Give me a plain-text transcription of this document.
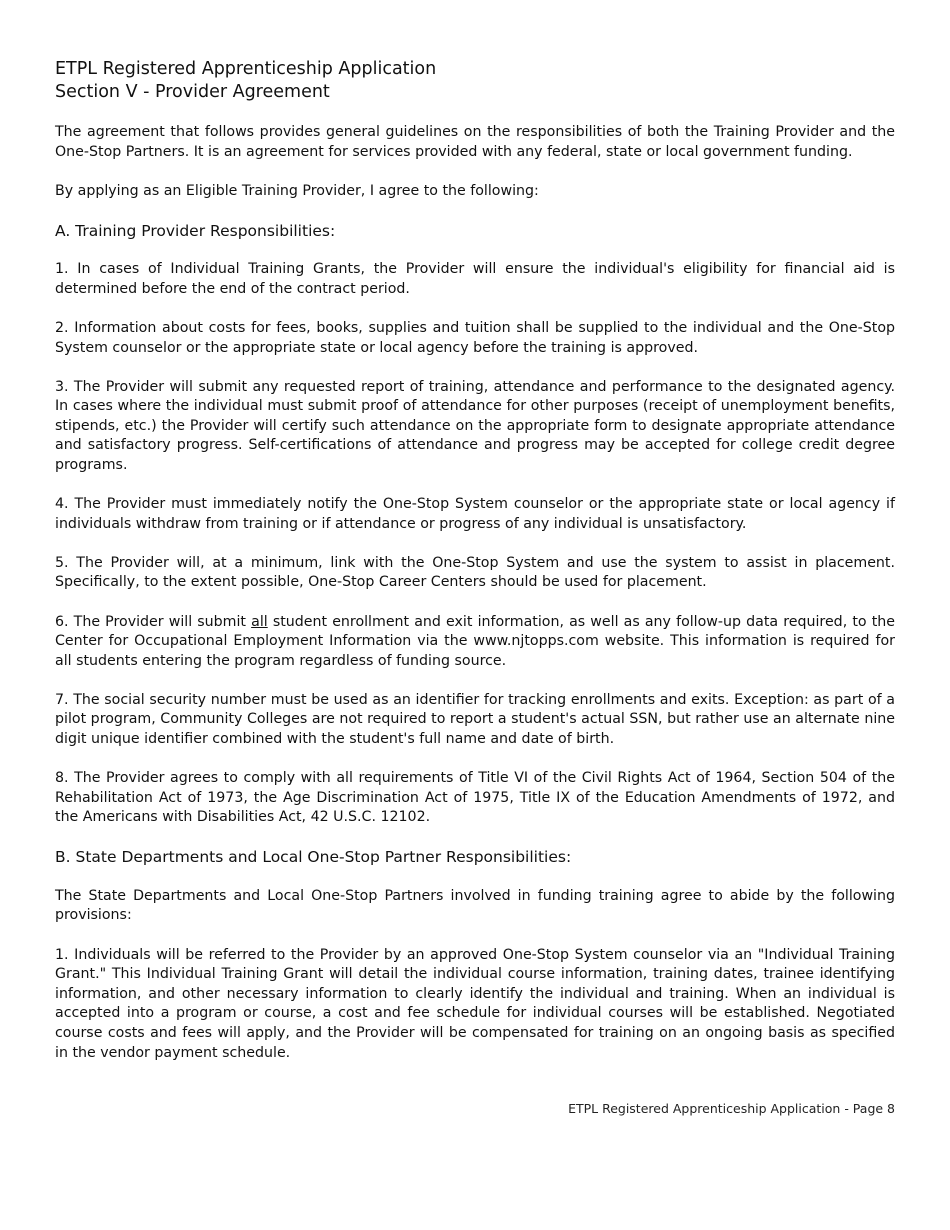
ETPL Registered Apprenticeship Application
Section V - Provider Agreement

The agreement that follows provides general guidelines on the responsibilities of both the Training Provider and the One-Stop Partners. It is an agreement for services provided with any federal, state or local government funding.

By applying as an Eligible Training Provider, I agree to the following:

A. Training Provider Responsibilities:

1. In cases of Individual Training Grants, the Provider will ensure the individual's eligibility for financial aid is determined before the end of the contract period.

2. Information about costs for fees, books, supplies and tuition shall be supplied to the individual and the One-Stop System counselor or the appropriate state or local agency before the training is approved.

3. The Provider will submit any requested report of training, attendance and performance to the designated agency. In cases where the individual must submit proof of attendance for other purposes (receipt of unemployment benefits, stipends, etc.) the Provider will certify such attendance on the appropriate form to designate appropriate attendance and satisfactory progress. Self-certifications of attendance and progress may be accepted for college credit degree programs.

4. The Provider must immediately notify the One-Stop System counselor or the appropriate state or local agency if individuals withdraw from training or if attendance or progress of any individual is unsatisfactory.

5. The Provider will, at a minimum, link with the One-Stop System and use the system to assist in placement. Specifically, to the extent possible, One-Stop Career Centers should be used for placement.

6. The Provider will submit all student enrollment and exit information, as well as any follow-up data required, to the Center for Occupational Employment Information via the www.njtopps.com website. This information is required for all students entering the program regardless of funding source.

7. The social security number must be used as an identifier for tracking enrollments and exits. Exception: as part of a pilot program, Community Colleges are not required to report a student's actual SSN, but rather use an alternate nine digit unique identifier combined with the student's full name and date of birth.

8. The Provider agrees to comply with all requirements of Title VI of the Civil Rights Act of 1964, Section 504 of the Rehabilitation Act of 1973, the Age Discrimination Act of 1975, Title IX of the Education Amendments of 1972, and the Americans with Disabilities Act, 42 U.S.C. 12102.

B. State Departments and Local One-Stop Partner Responsibilities:

The State Departments and Local One-Stop Partners involved in funding training agree to abide by the following provisions:

1. Individuals will be referred to the Provider by an approved One-Stop System counselor via an "Individual Training Grant." This Individual Training Grant will detail the individual course information, training dates, trainee identifying information, and other necessary information to clearly identify the individual and training. When an individual is accepted into a program or course, a cost and fee schedule for individual courses will be established. Negotiated course costs and fees will apply, and the Provider will be compensated for training on an ongoing basis as specified in the vendor payment schedule.

ETPL Registered Apprenticeship Application - Page 8
